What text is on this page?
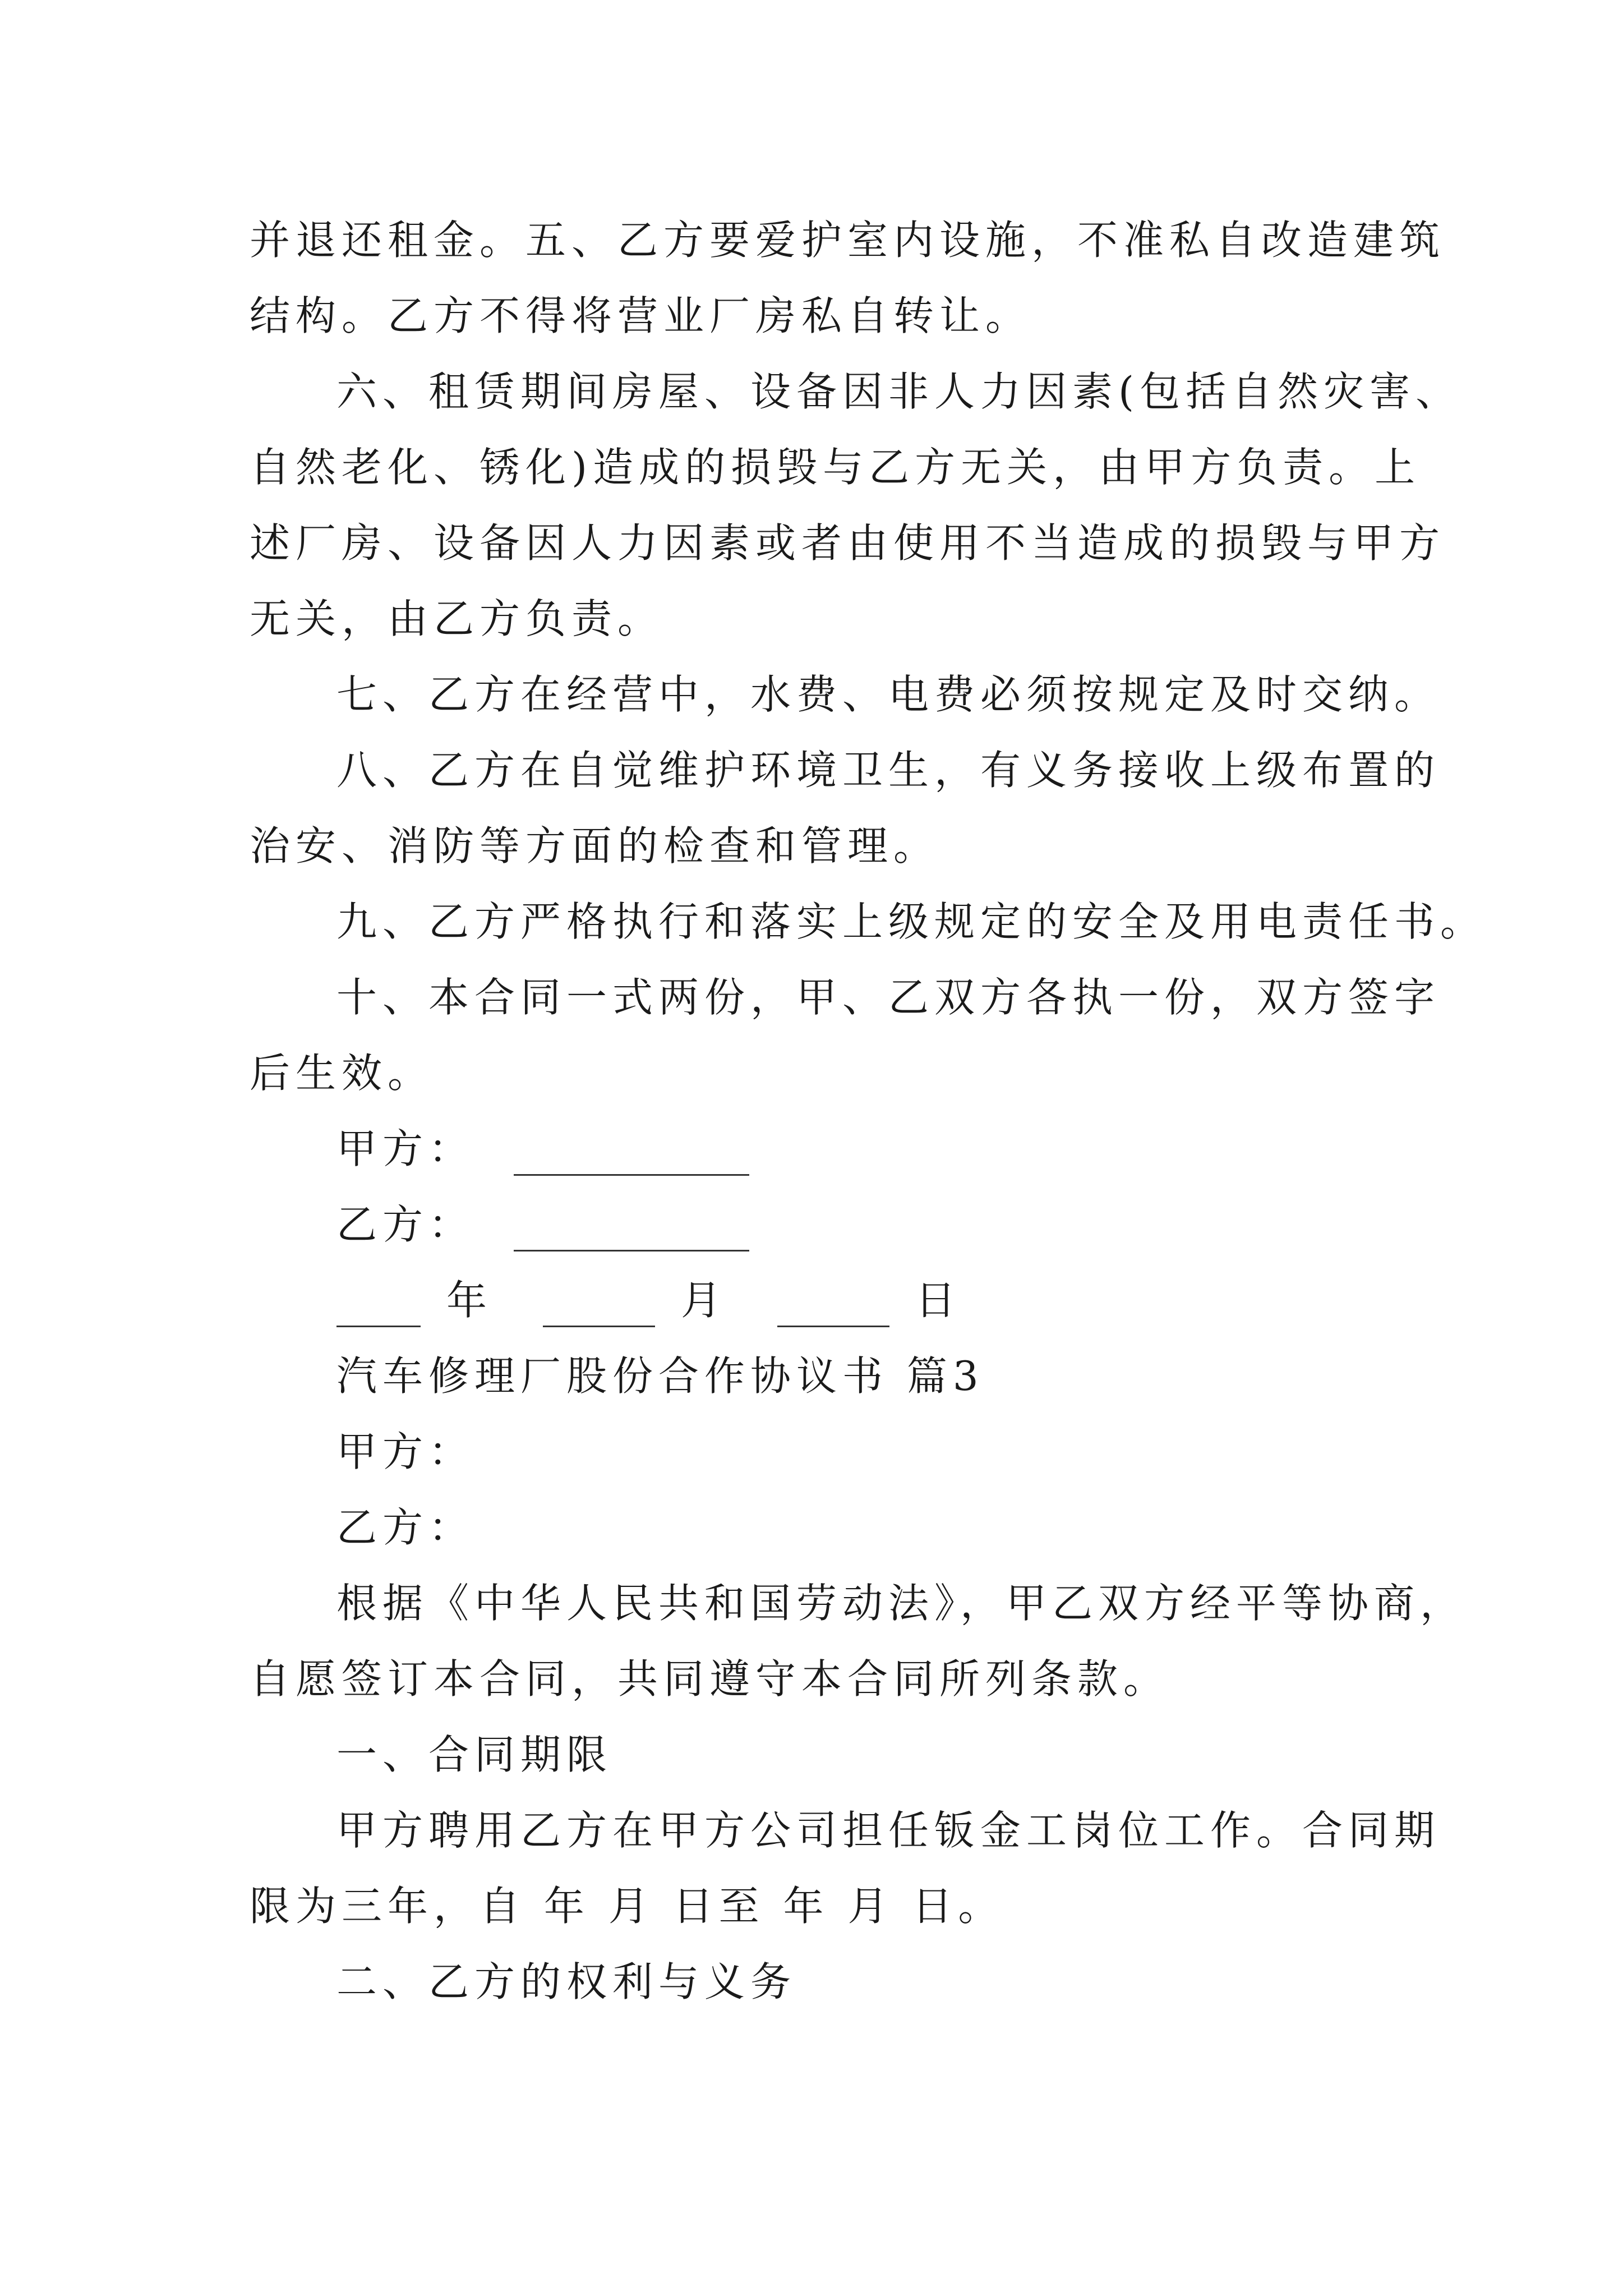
并退还租金。五、乙方要爱护室内设施，不准私自改造建筑
结构。乙方不得将营业厂房私自转让。
六、租赁期间房屋、设备因非人力因素(包括自然灾害、
自然老化、锈化)造成的损毁与乙方无关，由甲方负责。上
述厂房、设备因人力因素或者由使用不当造成的损毁与甲方
无关，由乙方负责。
七、乙方在经营中，水费、电费必须按规定及时交纳。
八、乙方在自觉维护环境卫生，有义务接收上级布置的
治安、消防等方面的检查和管理。
九、乙方严格执行和落实上级规定的安全及用电责任书。
十、本合同一式两份，甲、乙双方各执一份，双方签字
后生效。
甲方：
乙方：
年	月	日
汽车修理厂股份合作协议书 篇3
甲方：
乙方：
根据《中华人民共和国劳动法》，甲乙双方经平等协商，
自愿签订本合同，共同遵守本合同所列条款。
一、合同期限
甲方聘用乙方在甲方公司担任钣金工岗位工作。合同期
限为三年，自 年 月 日至 年 月 日。
二、乙方的权利与义务
